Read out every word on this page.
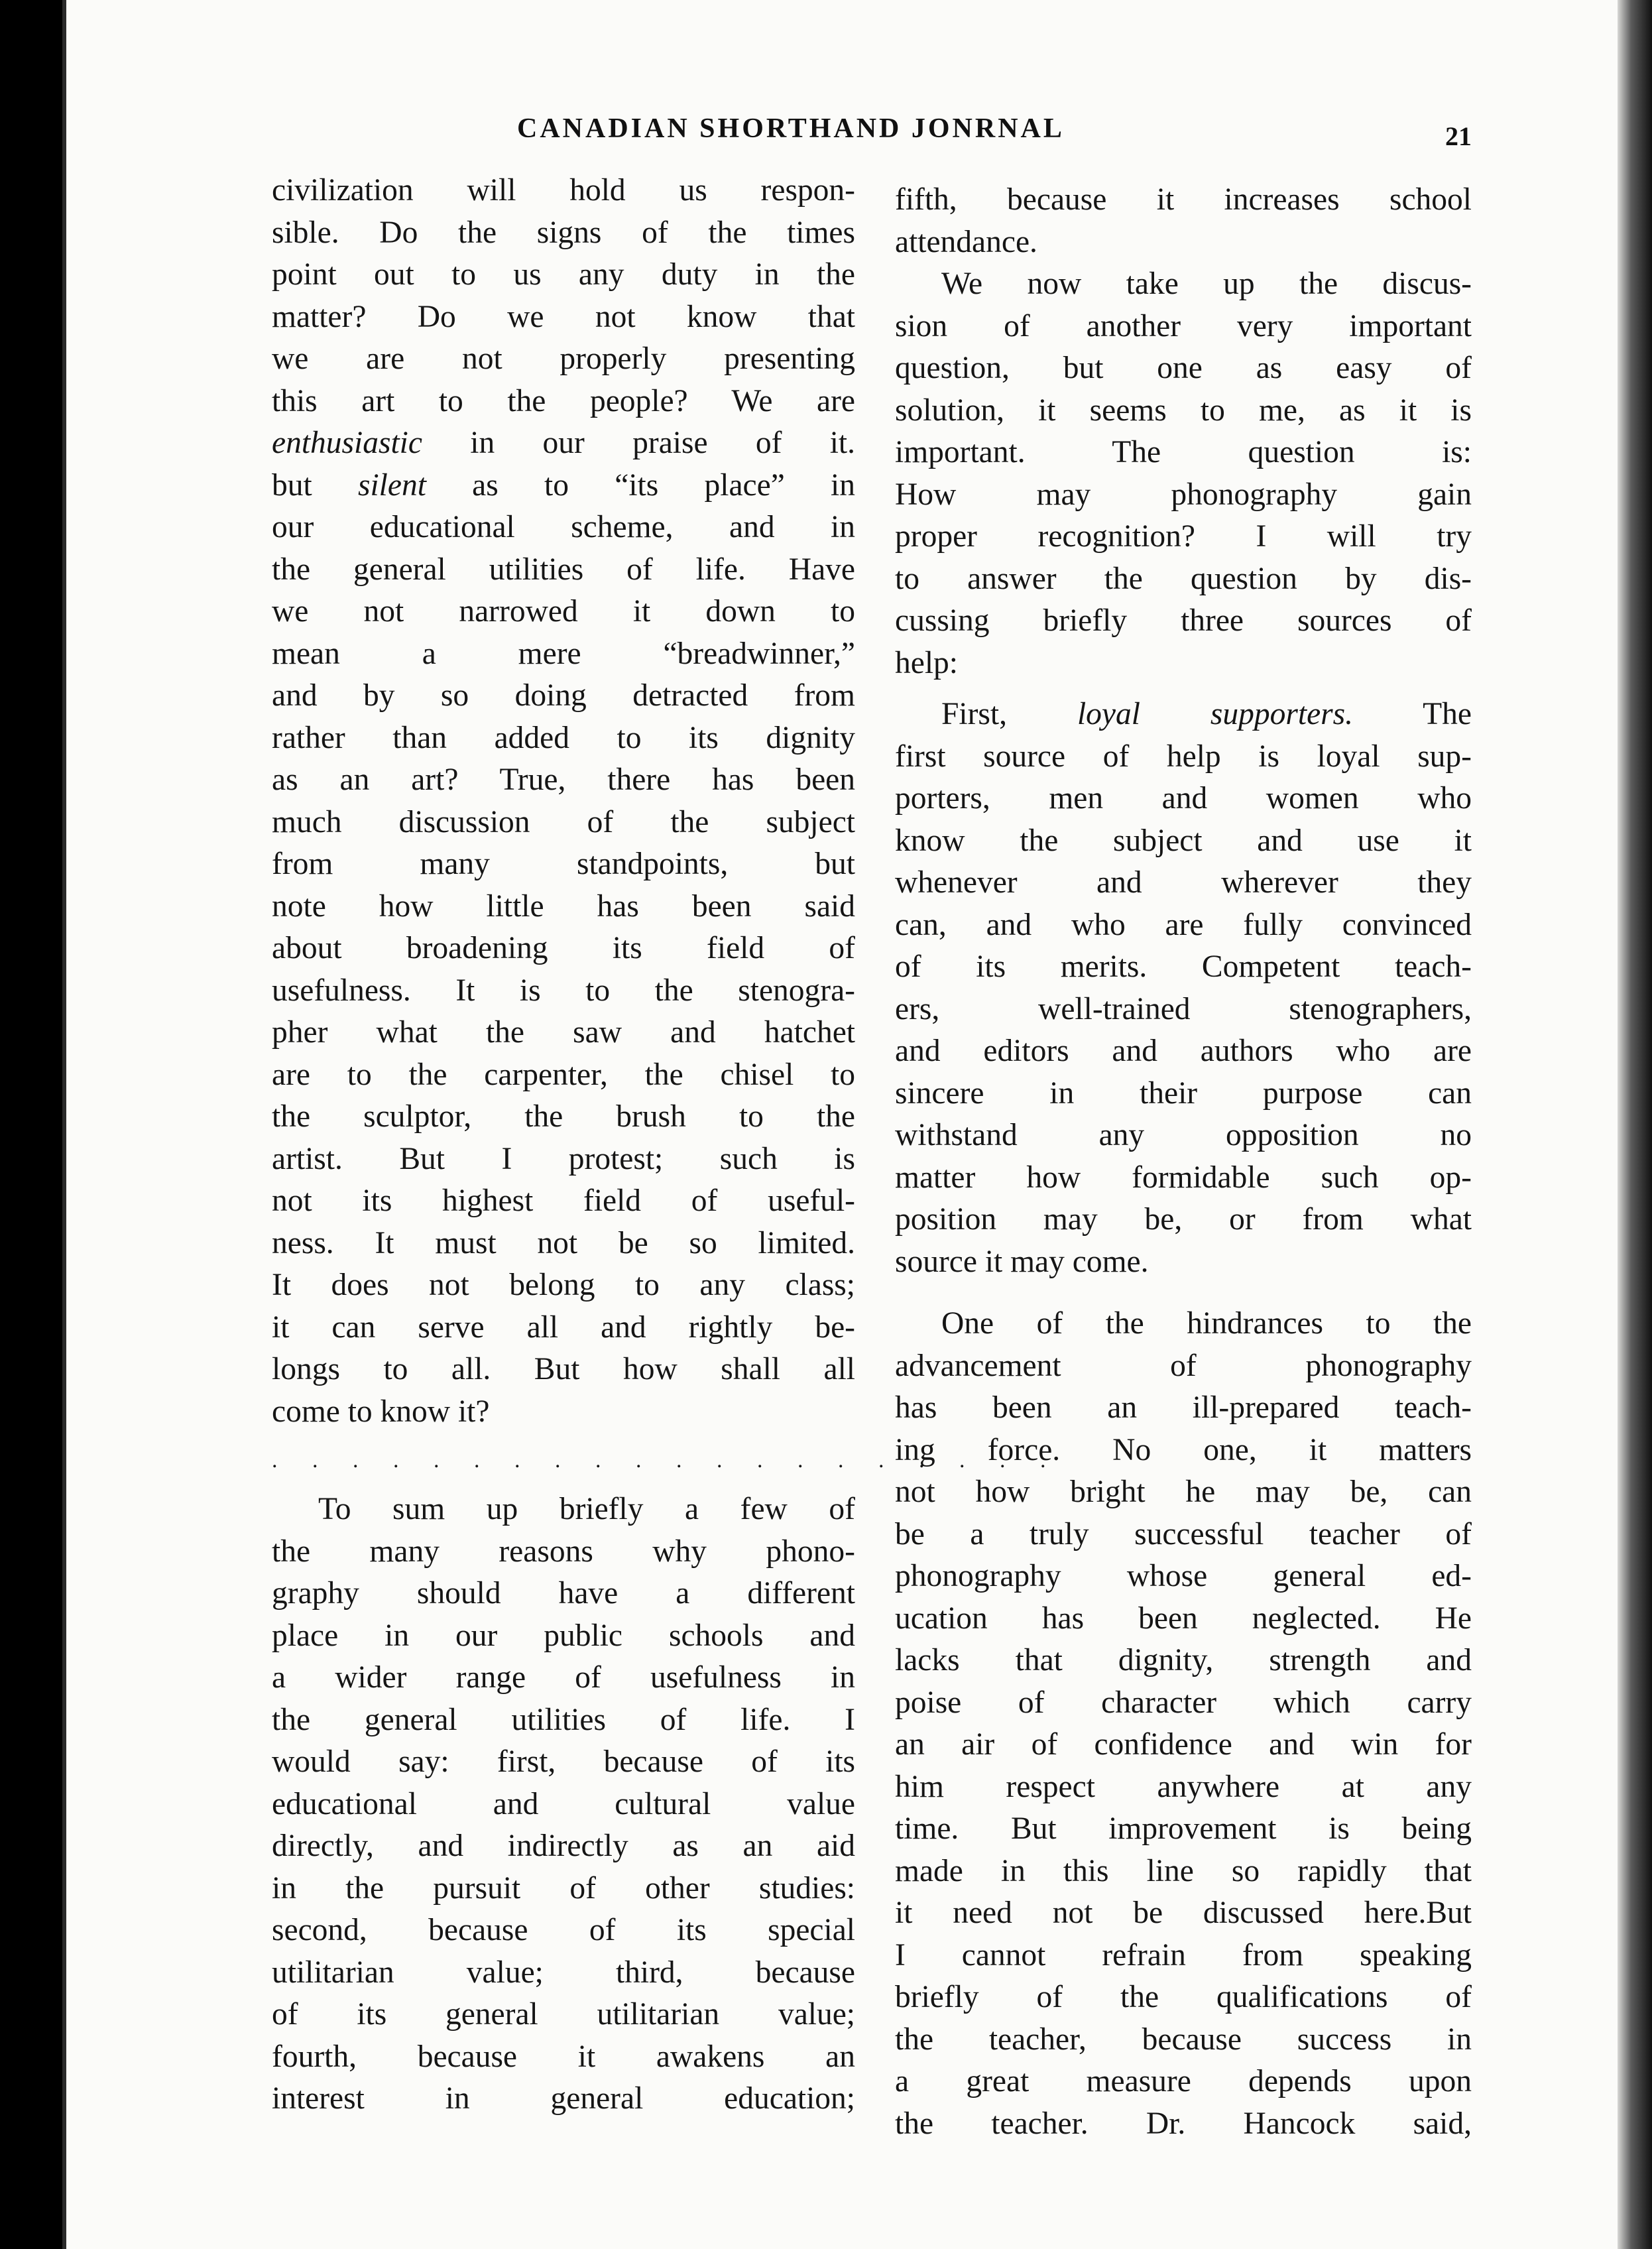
CANADIAN SHORTHAND JONRNAL	21
civilization will hold us respon-
sible. Do the signs of the times
point out to us any duty in the
matter? Do we not know that
we are not properly presenting
this art to the people? We are
enthusiastic in our praise of it.
but silent as to “its place” in
our educational scheme, and in
the general utilities of life. Have
we not narrowed it down to
mean a mere “breadwinner,”
and by so doing detracted from
rather than added to its dignity
as an art? True, there has been
much discussion of the subject
from many standpoints, but
note how little has been said
about broadening its field of
usefulness. It is to the stenogra-
pher what the saw and hatchet
are to the carpenter, the chisel to
the sculptor, the brush to the
artist. But I protest; such is
not its highest field of useful-
ness. It must not be so limited.
It does not belong to any class;
it can serve all and rightly be-
longs to all. But how shall all
come to know it?
. . . . . . . . . . . . . . . . . . . .
To sum up briefly a few of
the many reasons why phono-
graphy should have a different
place in our public schools and
a wider range of usefulness in
the general utilities of life. I
would say: first, because of its
educational and cultural value
directly, and indirectly as an aid
in the pursuit of other studies:
second, because of its special
utilitarian value; third, because
of its general utilitarian value;
fourth, because it awakens an
interest in general education;
fifth, because it increases school
attendance.
We now take up the discus-
sion of another very important
question, but one as easy of
solution, it seems to me, as it is
important. The question is:
How may phonography gain
proper recognition? I will try
to answer the question by dis-
cussing briefly three sources of
help:
First, loyal supporters. The
first source of help is loyal sup-
porters, men and women who
know the subject and use it
whenever and wherever they
can, and who are fully convinced
of its merits. Competent teach-
ers, well-trained stenographers,
and editors and authors who are
sincere in their purpose can
withstand any opposition no
matter how formidable such op-
position may be, or from what
source it may come.
One of the hindrances to the
advancement of phonography
has been an ill-prepared teach-
ing force. No one, it matters
not how bright he may be, can
be a truly successful teacher of
phonography whose general ed-
ucation has been neglected. He
lacks that dignity, strength and
poise of character which carry
an air of confidence and win for
him respect anywhere at any
time. But improvement is being
made in this line so rapidly that
it need not be discussed here.But
I cannot refrain from speaking
briefly of the qualifications of
the teacher, because success in
a great measure depends upon
the teacher. Dr. Hancock said,
